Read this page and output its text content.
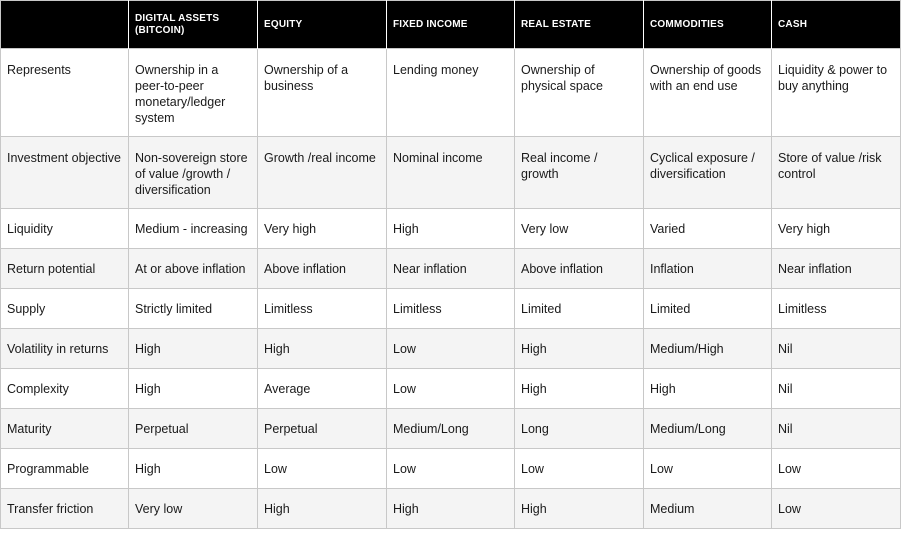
	DIGITAL ASSETS (BITCOIN)	EQUITY	FIXED INCOME	REAL ESTATE	COMMODITIES	CASH
Represents	Ownership in a peer-to-peer monetary/ledger system	Ownership of a business	Lending money	Ownership of physical space	Ownership of goods with an end use	Liquidity & power to buy anything
Investment objective	Non-sovereign store of value /growth / diversification	Growth /real income	Nominal income	Real income / growth	Cyclical exposure / diversification	Store of value /risk control
Liquidity	Medium - increasing	Very high	High	Very low	Varied	Very high
Return potential	At or above inflation	Above inflation	Near inflation	Above inflation	Inflation	Near inflation
Supply	Strictly limited	Limitless	Limitless	Limited	Limited	Limitless
Volatility in returns	High	High	Low	High	Medium/High	Nil
Complexity	High	Average	Low	High	High	Nil
Maturity	Perpetual	Perpetual	Medium/Long	Long	Medium/Long	Nil
Programmable	High	Low	Low	Low	Low	Low
Transfer friction	Very low	High	High	High	Medium	Low
